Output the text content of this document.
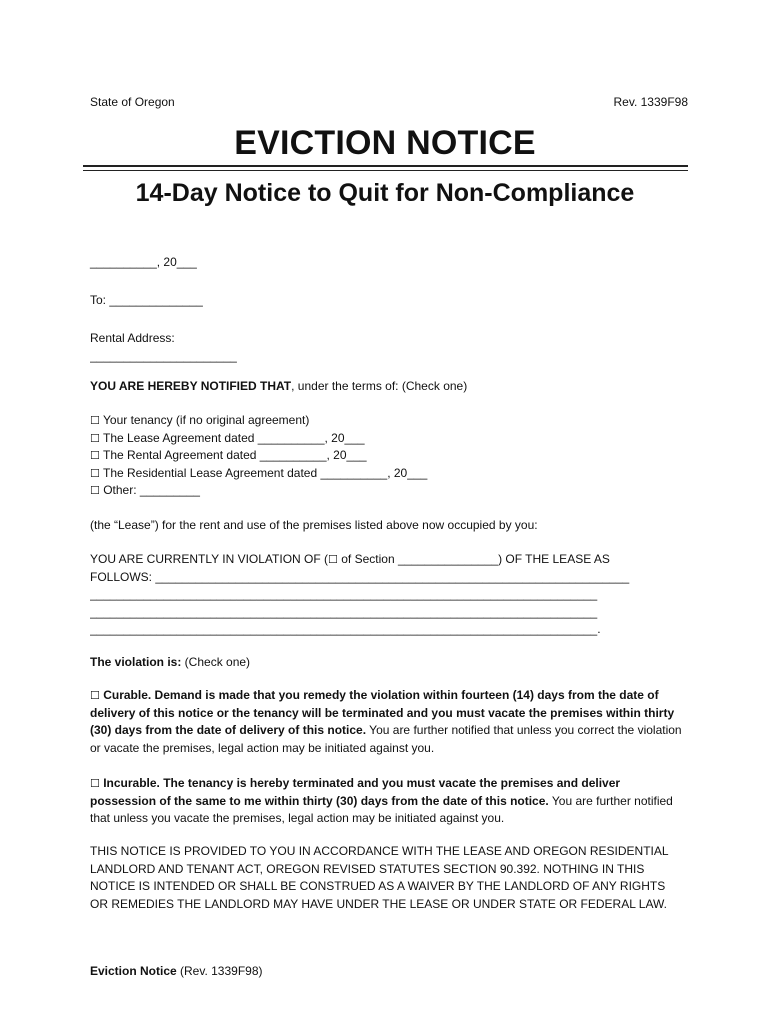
State of Oregon	Rev. 1339F98
EVICTION NOTICE
14-Day Notice to Quit for Non-Compliance
__________, 20___
To: ______________
Rental Address:
______________________
YOU ARE HEREBY NOTIFIED THAT, under the terms of: (Check one)
☐ Your tenancy (if no original agreement)
☐ The Lease Agreement dated __________, 20___
☐ The Rental Agreement dated __________, 20___
☐ The Residential Lease Agreement dated __________, 20___
☐ Other: _________
(the “Lease”) for the rent and use of the premises listed above now occupied by you:
YOU ARE CURRENTLY IN VIOLATION OF (☐ of Section _______________) OF THE LEASE AS
FOLLOWS: _______________________________________________________________________
____________________________________________________________________________
____________________________________________________________________________
____________________________________________________________________________.
The violation is: (Check one)
☐ Curable. Demand is made that you remedy the violation within fourteen (14) days from the date of delivery of this notice or the tenancy will be terminated and you must vacate the premises within thirty (30) days from the date of delivery of this notice. You are further notified that unless you correct the violation or vacate the premises, legal action may be initiated against you.
☐ Incurable. The tenancy is hereby terminated and you must vacate the premises and deliver possession of the same to me within thirty (30) days from the date of this notice. You are further notified that unless you vacate the premises, legal action may be initiated against you.
THIS NOTICE IS PROVIDED TO YOU IN ACCORDANCE WITH THE LEASE AND OREGON RESIDENTIAL LANDLORD AND TENANT ACT, OREGON REVISED STATUTES SECTION 90.392. NOTHING IN THIS NOTICE IS INTENDED OR SHALL BE CONSTRUED AS A WAIVER BY THE LANDLORD OF ANY RIGHTS OR REMEDIES THE LANDLORD MAY HAVE UNDER THE LEASE OR UNDER STATE OR FEDERAL LAW.
Eviction Notice (Rev. 1339F98)
